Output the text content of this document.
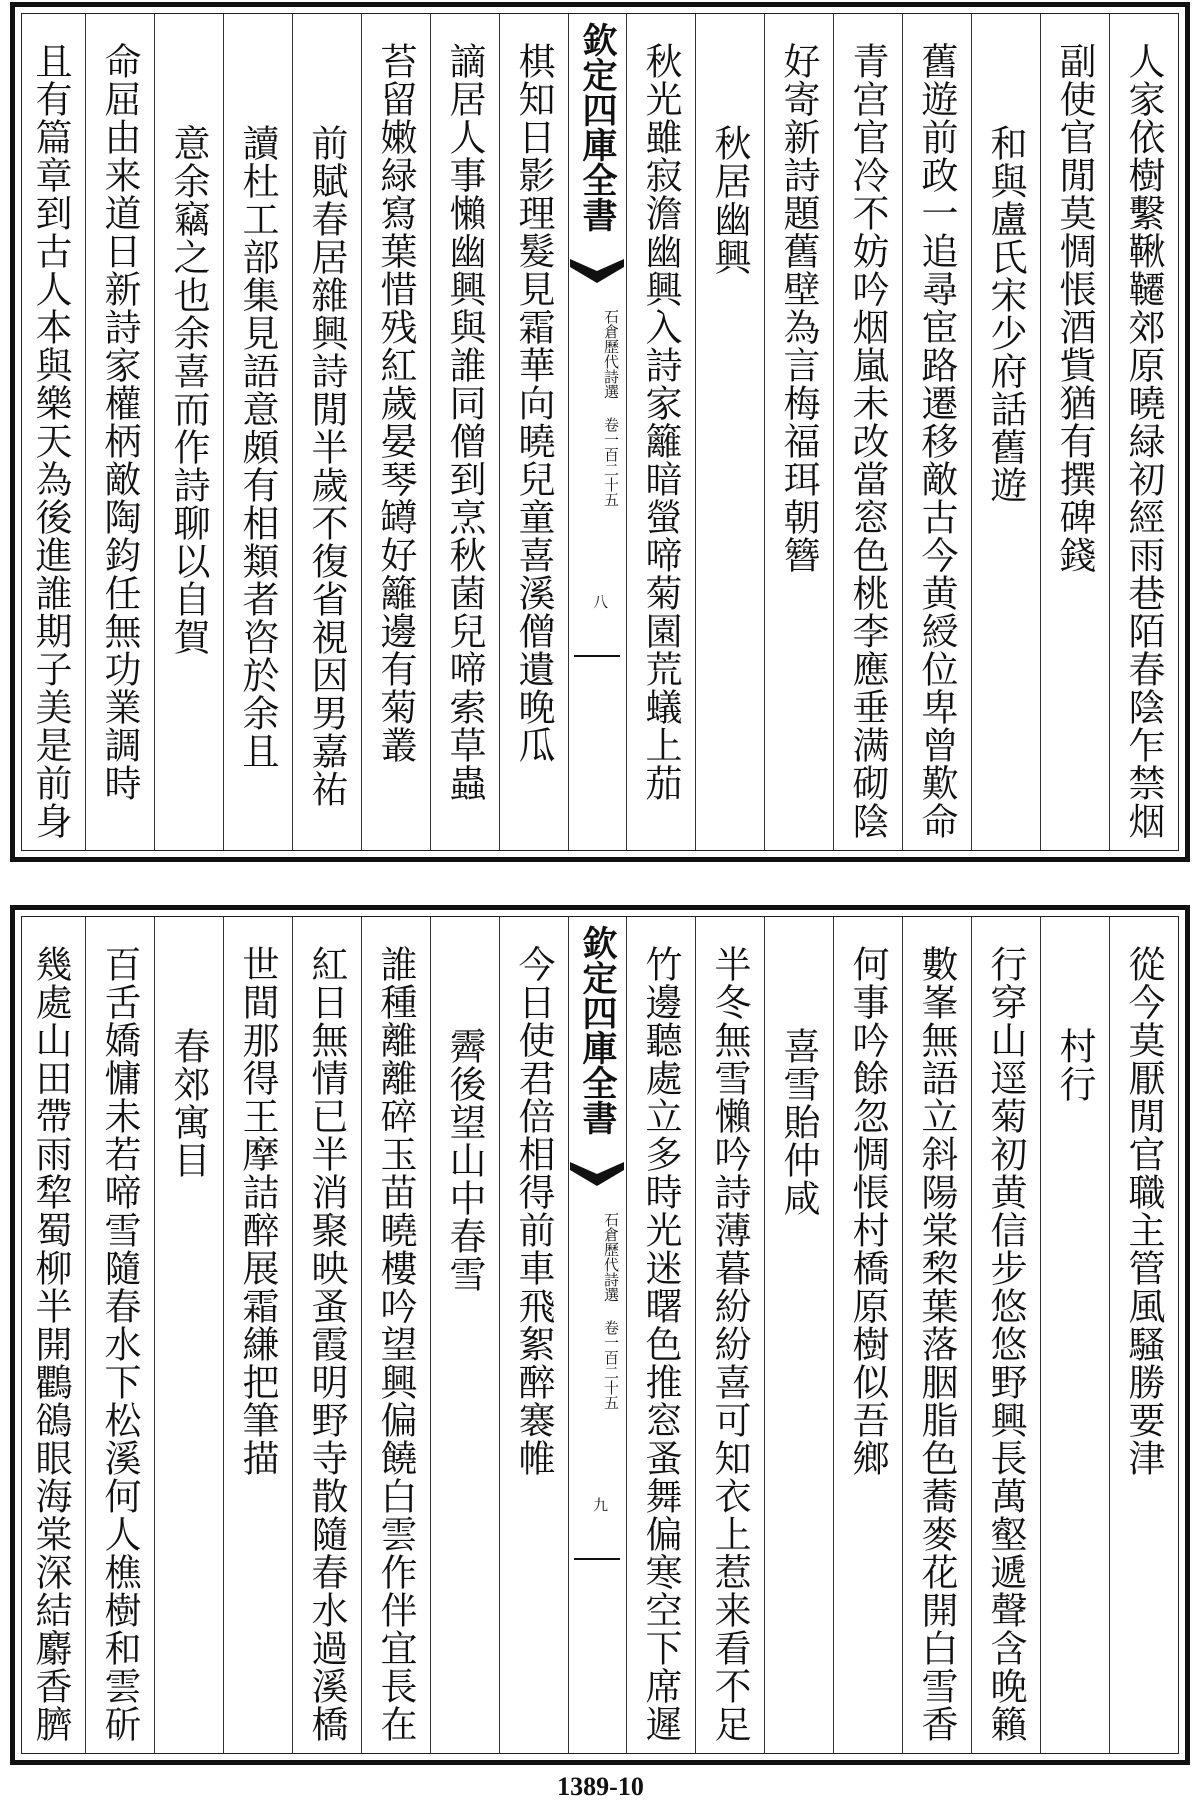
人家依樹繫鞦韆郊原曉緑初經雨巷陌春陰乍禁烟
副使官閒莫惆悵酒貲猶有撰碑錢
和與盧氏宋少府話舊遊
舊遊前政一追尋宦路遷移敵古今黄綬位卑曾歎命
青宫官冷不妨吟烟嵐未改當窓色桃李應垂满砌陰
好寄新詩題舊壁為言梅福珥朝簪
秋居幽興
秋光雖寂澹幽興入詩家籬暗螢啼菊園荒蟻上茄
欽定四庫全書
石倉歷代詩選 卷一百二十五
八
棋知日影理髮見霜華向曉兒童喜溪僧遺晚瓜
謫居人事懶幽興與誰同僧到烹秋菌兒啼索草蟲
苔留嫩緑寫葉惜残紅歲晏琴罇好籬邊有菊叢
前賦春居雜興詩閒半歲不復省視因男嘉祐
讀杜工部集見語意頗有相類者咨於余且
意余竊之也余喜而作詩聊以自賀
命屈由来道日新詩家權柄敵陶鈞任無功業調時
且有篇章到古人本與樂天為後進誰期子美是前身
從今莫厭閒官職主管風騷勝要津
村行
行穿山逕菊初黄信步悠悠野興長萬壑遞聲含晚籟
數峯無語立斜陽棠棃葉落胭脂色蕎麥花開白雪香
何事吟餘忽惆悵村橋原樹似吾鄉
喜雪貽仲咸
半冬無雪懶吟詩薄暮紛紛喜可知衣上惹来看不足
竹邊聽處立多時光迷曙色推窓蚤舞偏寒空下席遲
欽定四庫全書
石倉歷代詩選 卷一百二十五
九
今日使君倍相得前車飛絮醉褰帷
霽後望山中春雪
誰種離離碎玉苗曉樓吟望興偏饒白雲作伴宜長在
紅日無情已半消聚映蚤霞明野寺散隨春水過溪橋
世間那得王摩詰醉展霜縑把筆描
春郊寓目
百舌嬌慵未若啼雪隨春水下松溪何人樵樹和雲斫
幾處山田帶雨犂蜀柳半開鸜鵒眼海棠深結麝香臍
1389-10
